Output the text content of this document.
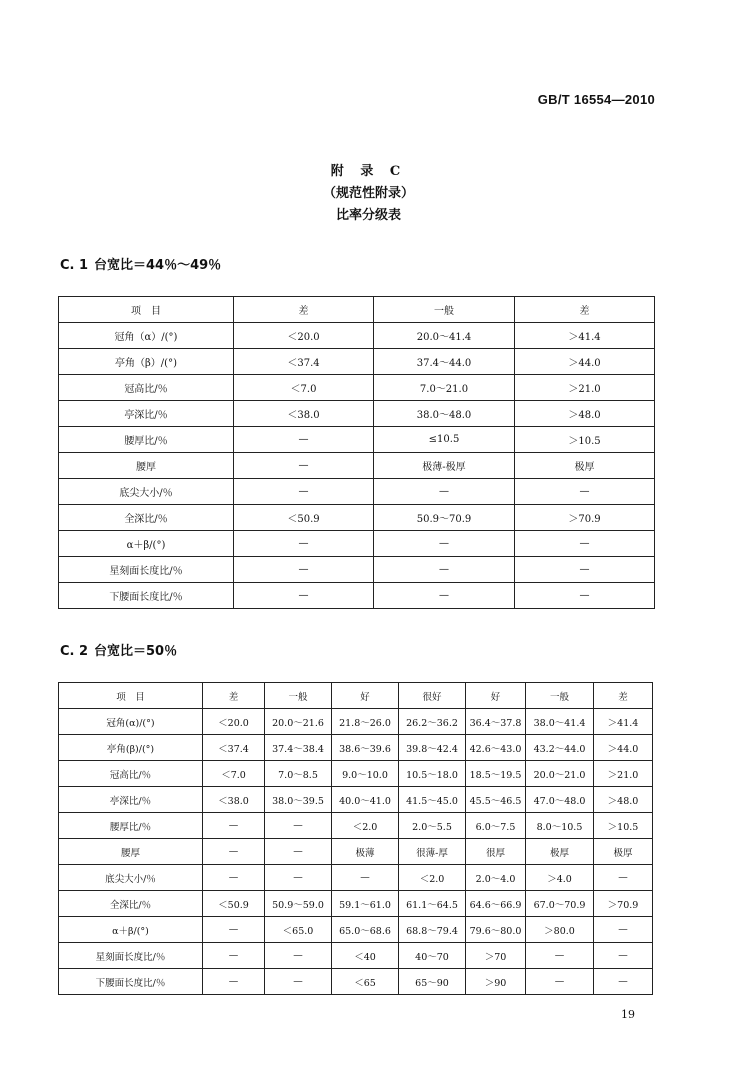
GB/T 16554—2010
附 录 C
（规范性附录）
比率分级表
C. 1 台宽比＝44％～49％
项　目	差	一般	差
冠角（α）/(°)	＜20.0	20.0～41.4	＞41.4
亭角（β）/(°)	＜37.4	37.4～44.0	＞44.0
冠高比/％	＜7.0	7.0～21.0	＞21.0
亭深比/％	＜38.0	38.0～48.0	＞48.0
腰厚比/％	—	≤10.5	＞10.5
腰厚	—	极薄-极厚	极厚
底尖大小/％	—	—	—
全深比/％	＜50.9	50.9～70.9	＞70.9
α＋β/(°)	—	—	—
星刻面长度比/％	—	—	—
下腰面长度比/％	—	—	—
C. 2 台宽比＝50％
项　目	差	一般	好	很好	好	一般	差
冠角(α)/(°)	＜20.0	20.0～21.6	21.8～26.0	26.2～36.2	36.4～37.8	38.0～41.4	＞41.4
亭角(β)/(°)	＜37.4	37.4～38.4	38.6～39.6	39.8～42.4	42.6～43.0	43.2～44.0	＞44.0
冠高比/％	＜7.0	7.0～8.5	9.0～10.0	10.5～18.0	18.5～19.5	20.0～21.0	＞21.0
亭深比/％	＜38.0	38.0～39.5	40.0～41.0	41.5～45.0	45.5～46.5	47.0～48.0	＞48.0
腰厚比/％	—	—	＜2.0	2.0～5.5	6.0～7.5	8.0～10.5	＞10.5
腰厚	—	—	极薄	很薄-厚	很厚	极厚	极厚
底尖大小/％	—	—	—	＜2.0	2.0～4.0	＞4.0	—
全深比/％	＜50.9	50.9～59.0	59.1～61.0	61.1～64.5	64.6～66.9	67.0～70.9	＞70.9
α＋β/(°)	—	＜65.0	65.0～68.6	68.8～79.4	79.6～80.0	＞80.0	—
星刻面长度比/％	—	—	＜40	40～70	＞70	—	—
下腰面长度比/％	—	—	＜65	65～90	＞90	—	—
19
